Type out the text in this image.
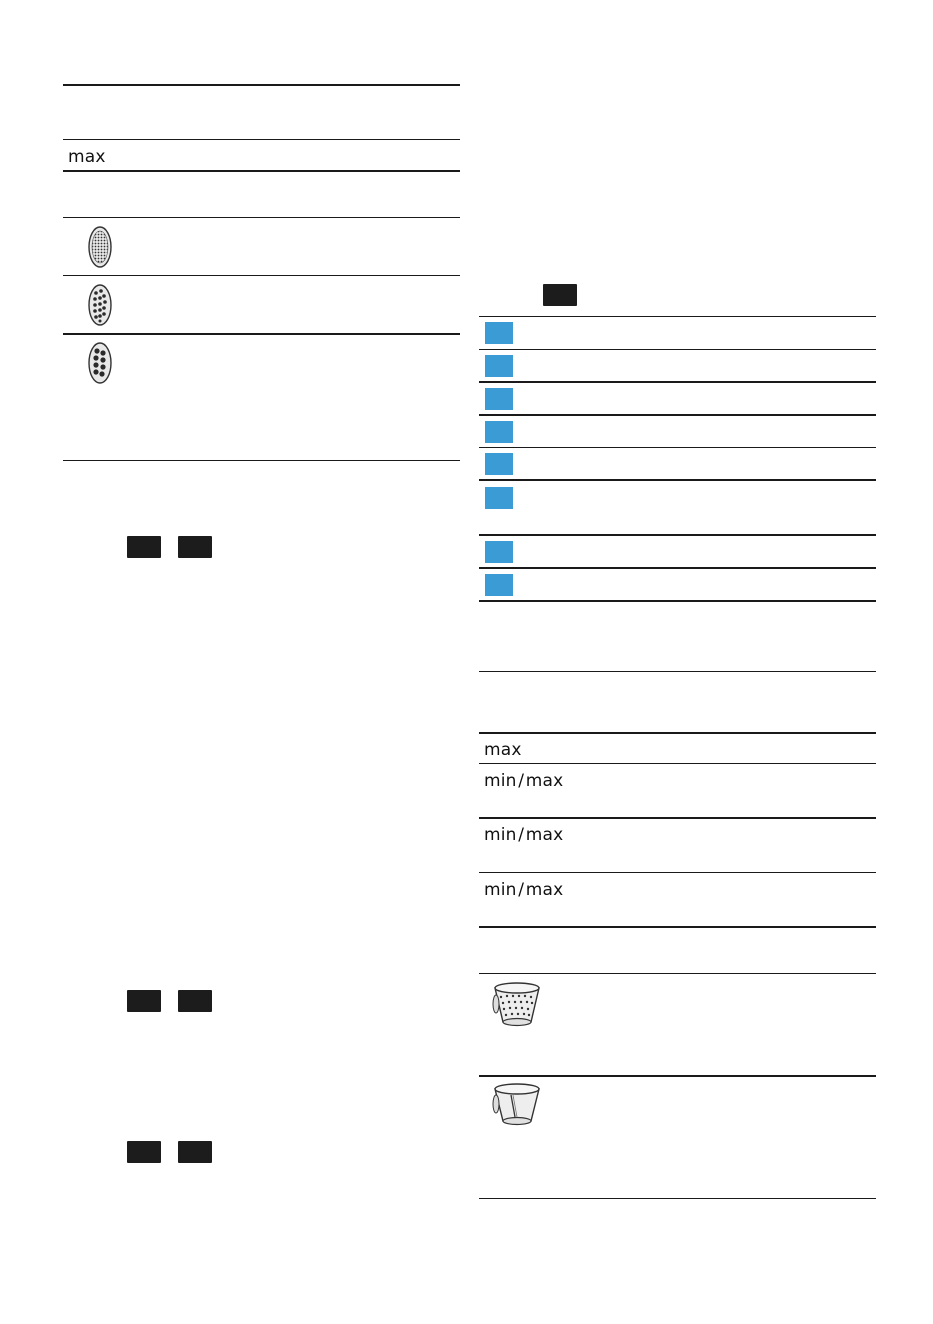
max
max
min / max
min / max
min / max
